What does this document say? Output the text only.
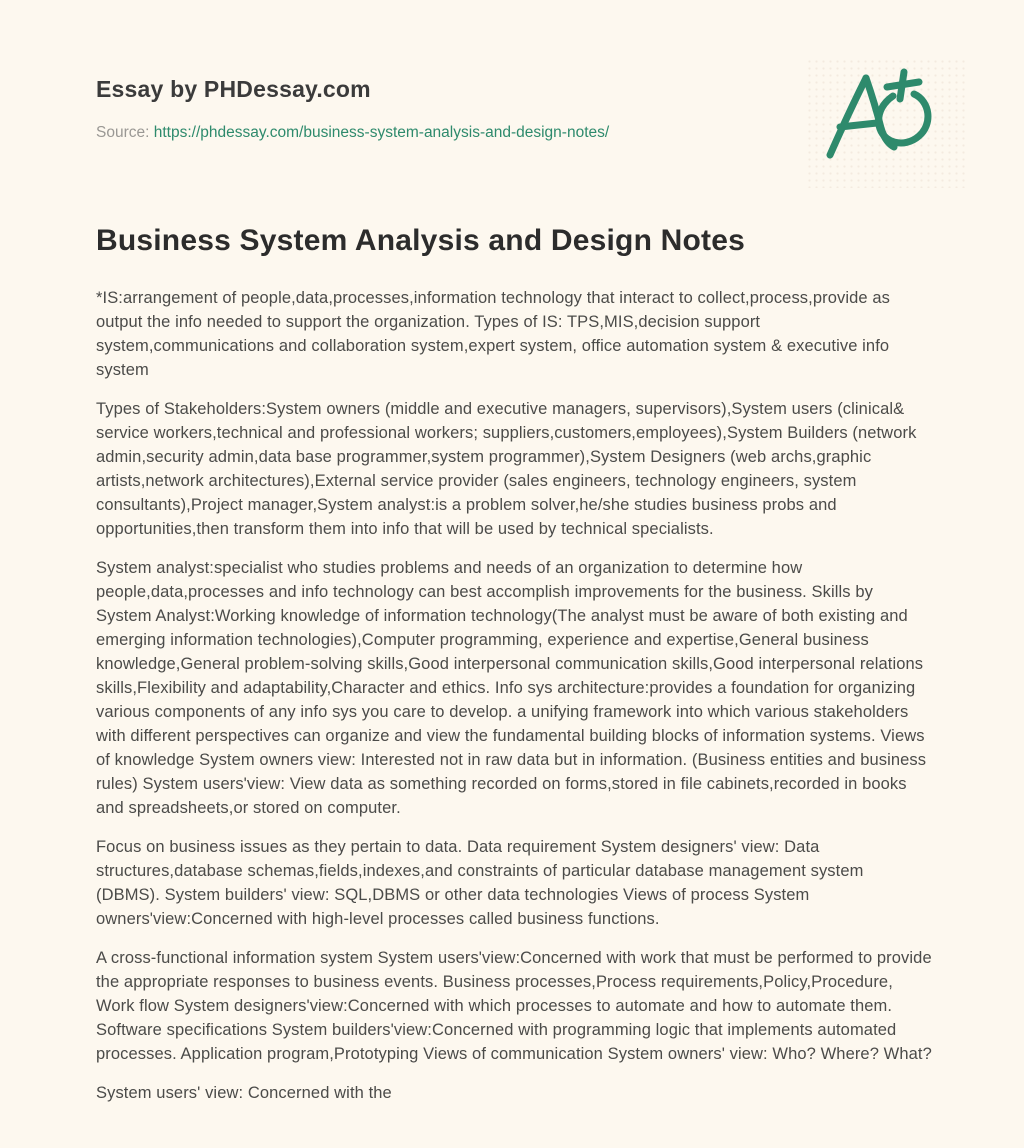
Essay by PHDessay.com
Source: https://phdessay.com/business-system-analysis-and-design-notes/
Business System Analysis and Design Notes

*IS:arrangement of people,data,processes,information technology that interact to collect,process,provide as output the info needed to support the organization. Types of IS: TPS,MIS,decision support system,communications and collaboration system,expert system, office automation system & executive info system

Types of Stakeholders:System owners (middle and executive managers, supervisors),System users (clinical& service workers,technical and professional workers; suppliers,customers,employees),System Builders (network admin,security admin,data base programmer,system programmer),System Designers (web archs,graphic artists,network architectures),External service provider (sales engineers, technology engineers, system consultants),Project manager,System analyst:is a problem solver,he/she studies business probs and opportunities,then transform them into info that will be used by technical specialists.

System analyst:specialist who studies problems and needs of an organization to determine how people,data,processes and info technology can best accomplish improvements for the business. Skills by System Analyst:Working knowledge of information technology(The analyst must be aware of both existing and emerging information technologies),Computer programming, experience and expertise,General business knowledge,General problem-solving skills,Good interpersonal communication skills,Good interpersonal relations skills,Flexibility and adaptability,Character and ethics. Info sys architecture:provides a foundation for organizing various components of any info sys you care to develop. a unifying framework into which various stakeholders with different perspectives can organize and view the fundamental building blocks of information systems. Views of knowledge System owners view: Interested not in raw data but in information. (Business entities and business rules) System users'view: View data as something recorded on forms,stored in file cabinets,recorded in books and spreadsheets,or stored on computer.

Focus on business issues as they pertain to data. Data requirement System designers' view: Data structures,database schemas,fields,indexes,and constraints of particular database management system (DBMS). System builders' view: SQL,DBMS or other data technologies Views of process System owners'view:Concerned with high-level processes called business functions.

A cross-functional information system System users'view:Concerned with work that must be performed to provide the appropriate responses to business events. Business processes,Process requirements,Policy,Procedure, Work flow System designers'view:Concerned with which processes to automate and how to automate them. Software specifications System builders'view:Concerned with programming logic that implements automated processes. Application program,Prototyping Views of communication System owners' view: Who? Where? What?

System users' view: Concerned with the
